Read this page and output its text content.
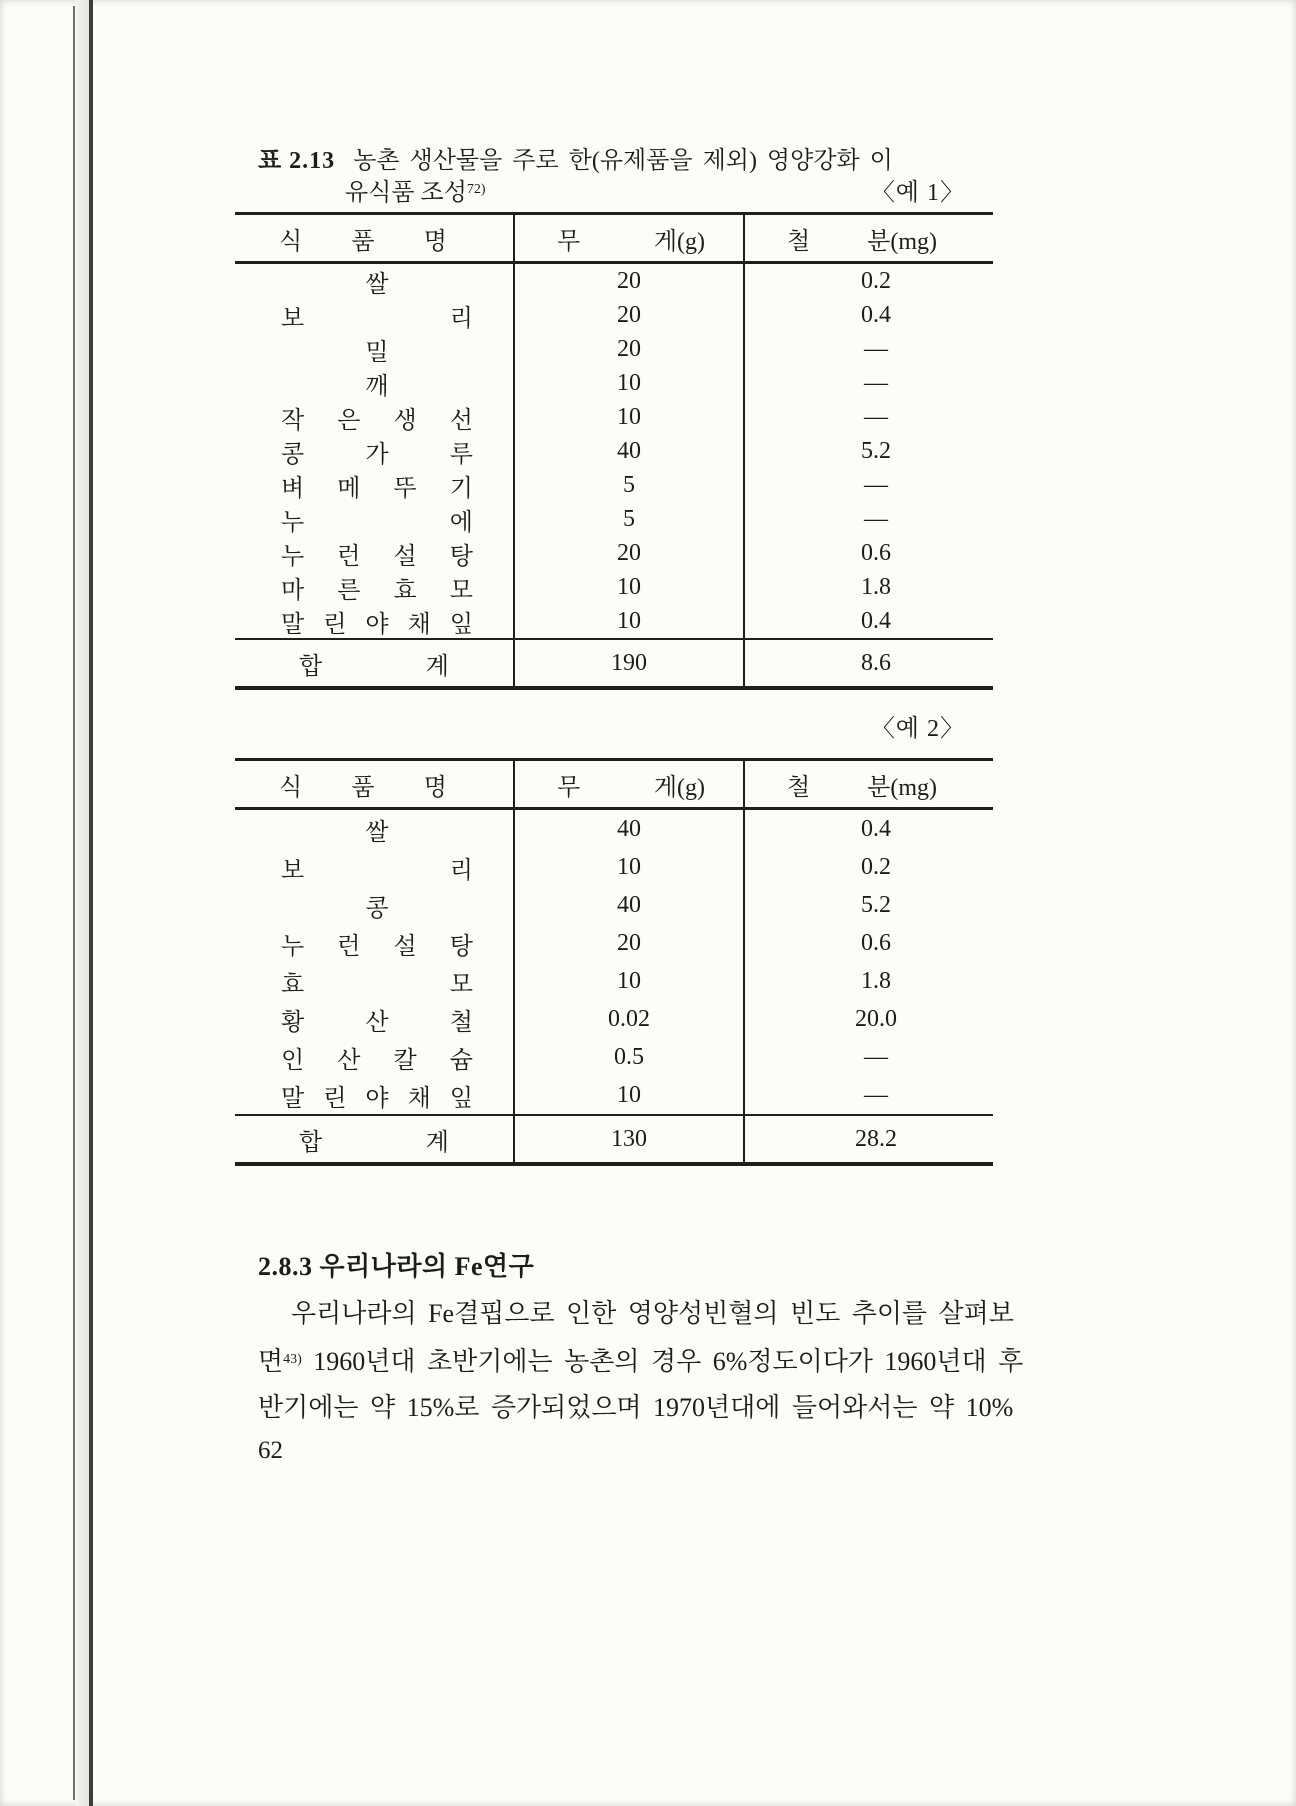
표 2.13 농촌 생산물을 주로 한(유제품을 제외) 영양강화 이
유식품 조성$^{72)}$	〈예 1〉
식 품 명	무 게(g)	철 분(mg)
쌀	20	0.2
보 리	20	0.4
밀	20	—
깨	10	—
작 은 생 선	10	—
콩 가 루	40	5.2
벼 메 뚜 기	5	—
누 에	5	—
누 런 설 탕	20	0.6
마 른 효 모	10	1.8
말 린 야 채 잎	10	0.4
합 계	190	8.6
〈예 2〉
식 품 명	무 게(g)	철 분(mg)
쌀	40	0.4
보 리	10	0.2
콩	40	5.2
누 런 설 탕	20	0.6
효 모	10	1.8
황 산 철	0.02	20.0
인 산 칼 슘	0.5	—
말 린 야 채 잎	10	—
합 계	130	28.2
2.8.3 우리나라의 Fe연구
우리나라의 Fe결핍으로 인한 영양성빈혈의 빈도 추이를 살펴보
면$^{43)}$ 1960년대 초반기에는 농촌의 경우 6%정도이다가 1960년대 후
반기에는 약 15%로 증가되었으며 1970년대에 들어와서는 약 10%
62
